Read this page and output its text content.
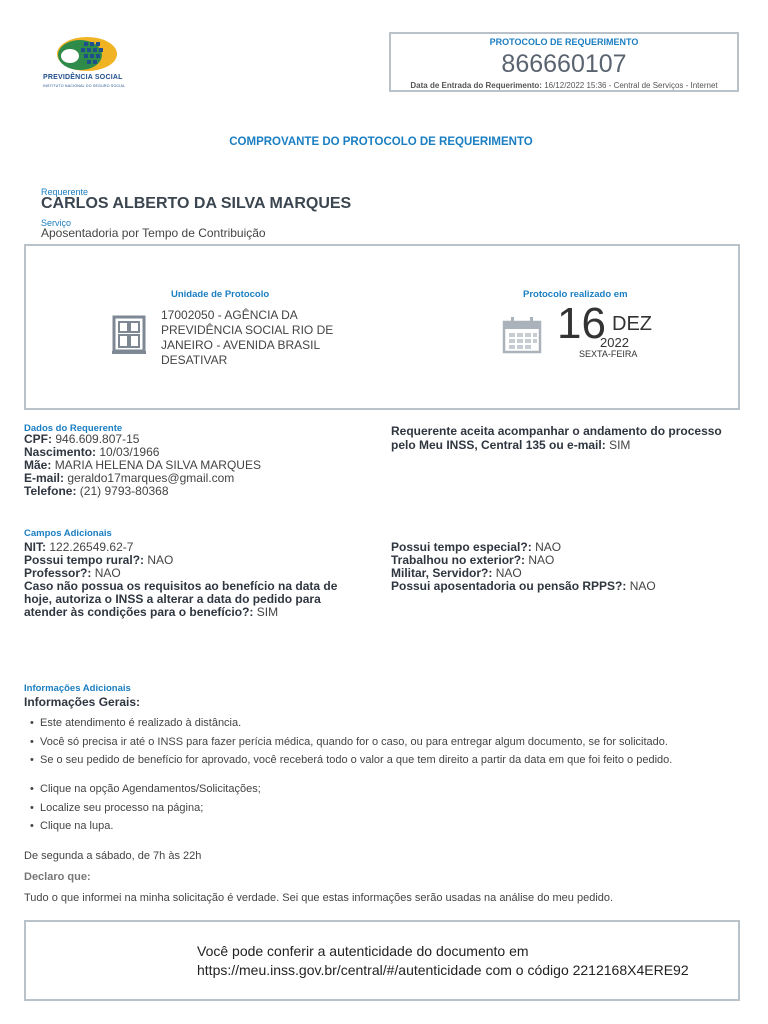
PREVIDÊNCIA SOCIAL
INSTITUTO NACIONAL DO SEGURO SOCIAL
PROTOCOLO DE REQUERIMENTO
866660107
Data de Entrada do Requerimento: 16/12/2022 15:36 - Central de Serviços - Internet
COMPROVANTE DO PROTOCOLO DE REQUERIMENTO
Requerente
CARLOS ALBERTO DA SILVA MARQUES
Serviço
Aposentadoria por Tempo de Contribuição
Unidade de Protocolo
17002050 - AGÊNCIA DA PREVIDÊNCIA SOCIAL RIO DE JANEIRO - AVENIDA BRASIL DESATIVAR
Protocolo realizado em
16 DEZ
2022
SEXTA-FEIRA
Dados do Requerente
CPF: 946.609.807-15
Nascimento: 10/03/1966
Mãe: MARIA HELENA DA SILVA MARQUES
E-mail: geraldo17marques@gmail.com
Telefone: (21) 9793-80368
Requerente aceita acompanhar o andamento do processo pelo Meu INSS, Central 135 ou e-mail: SIM
Campos Adicionais
NIT: 122.26549.62-7
Possui tempo rural?: NAO
Professor?: NAO
Caso não possua os requisitos ao benefício na data de hoje, autoriza o INSS a alterar a data do pedido para atender às condições para o benefício?: SIM
Possui tempo especial?: NAO
Trabalhou no exterior?: NAO
Militar, Servidor?: NAO
Possui aposentadoria ou pensão RPPS?: NAO
Informações Adicionais
Informações Gerais:
• Este atendimento é realizado à distância.
• Você só precisa ir até o INSS para fazer perícia médica, quando for o caso, ou para entregar algum documento, se for solicitado.
• Se o seu pedido de benefício for aprovado, você receberá todo o valor a que tem direito a partir da data em que foi feito o pedido.
• Clique na opção Agendamentos/Solicitações;
• Localize seu processo na página;
• Clique na lupa.
De segunda a sábado, de 7h às 22h
Declaro que:
Tudo o que informei na minha solicitação é verdade. Sei que estas informações serão usadas na análise do meu pedido.
Você pode conferir a autenticidade do documento em
https://meu.inss.gov.br/central/#/autenticidade com o código 2212168X4ERE92
